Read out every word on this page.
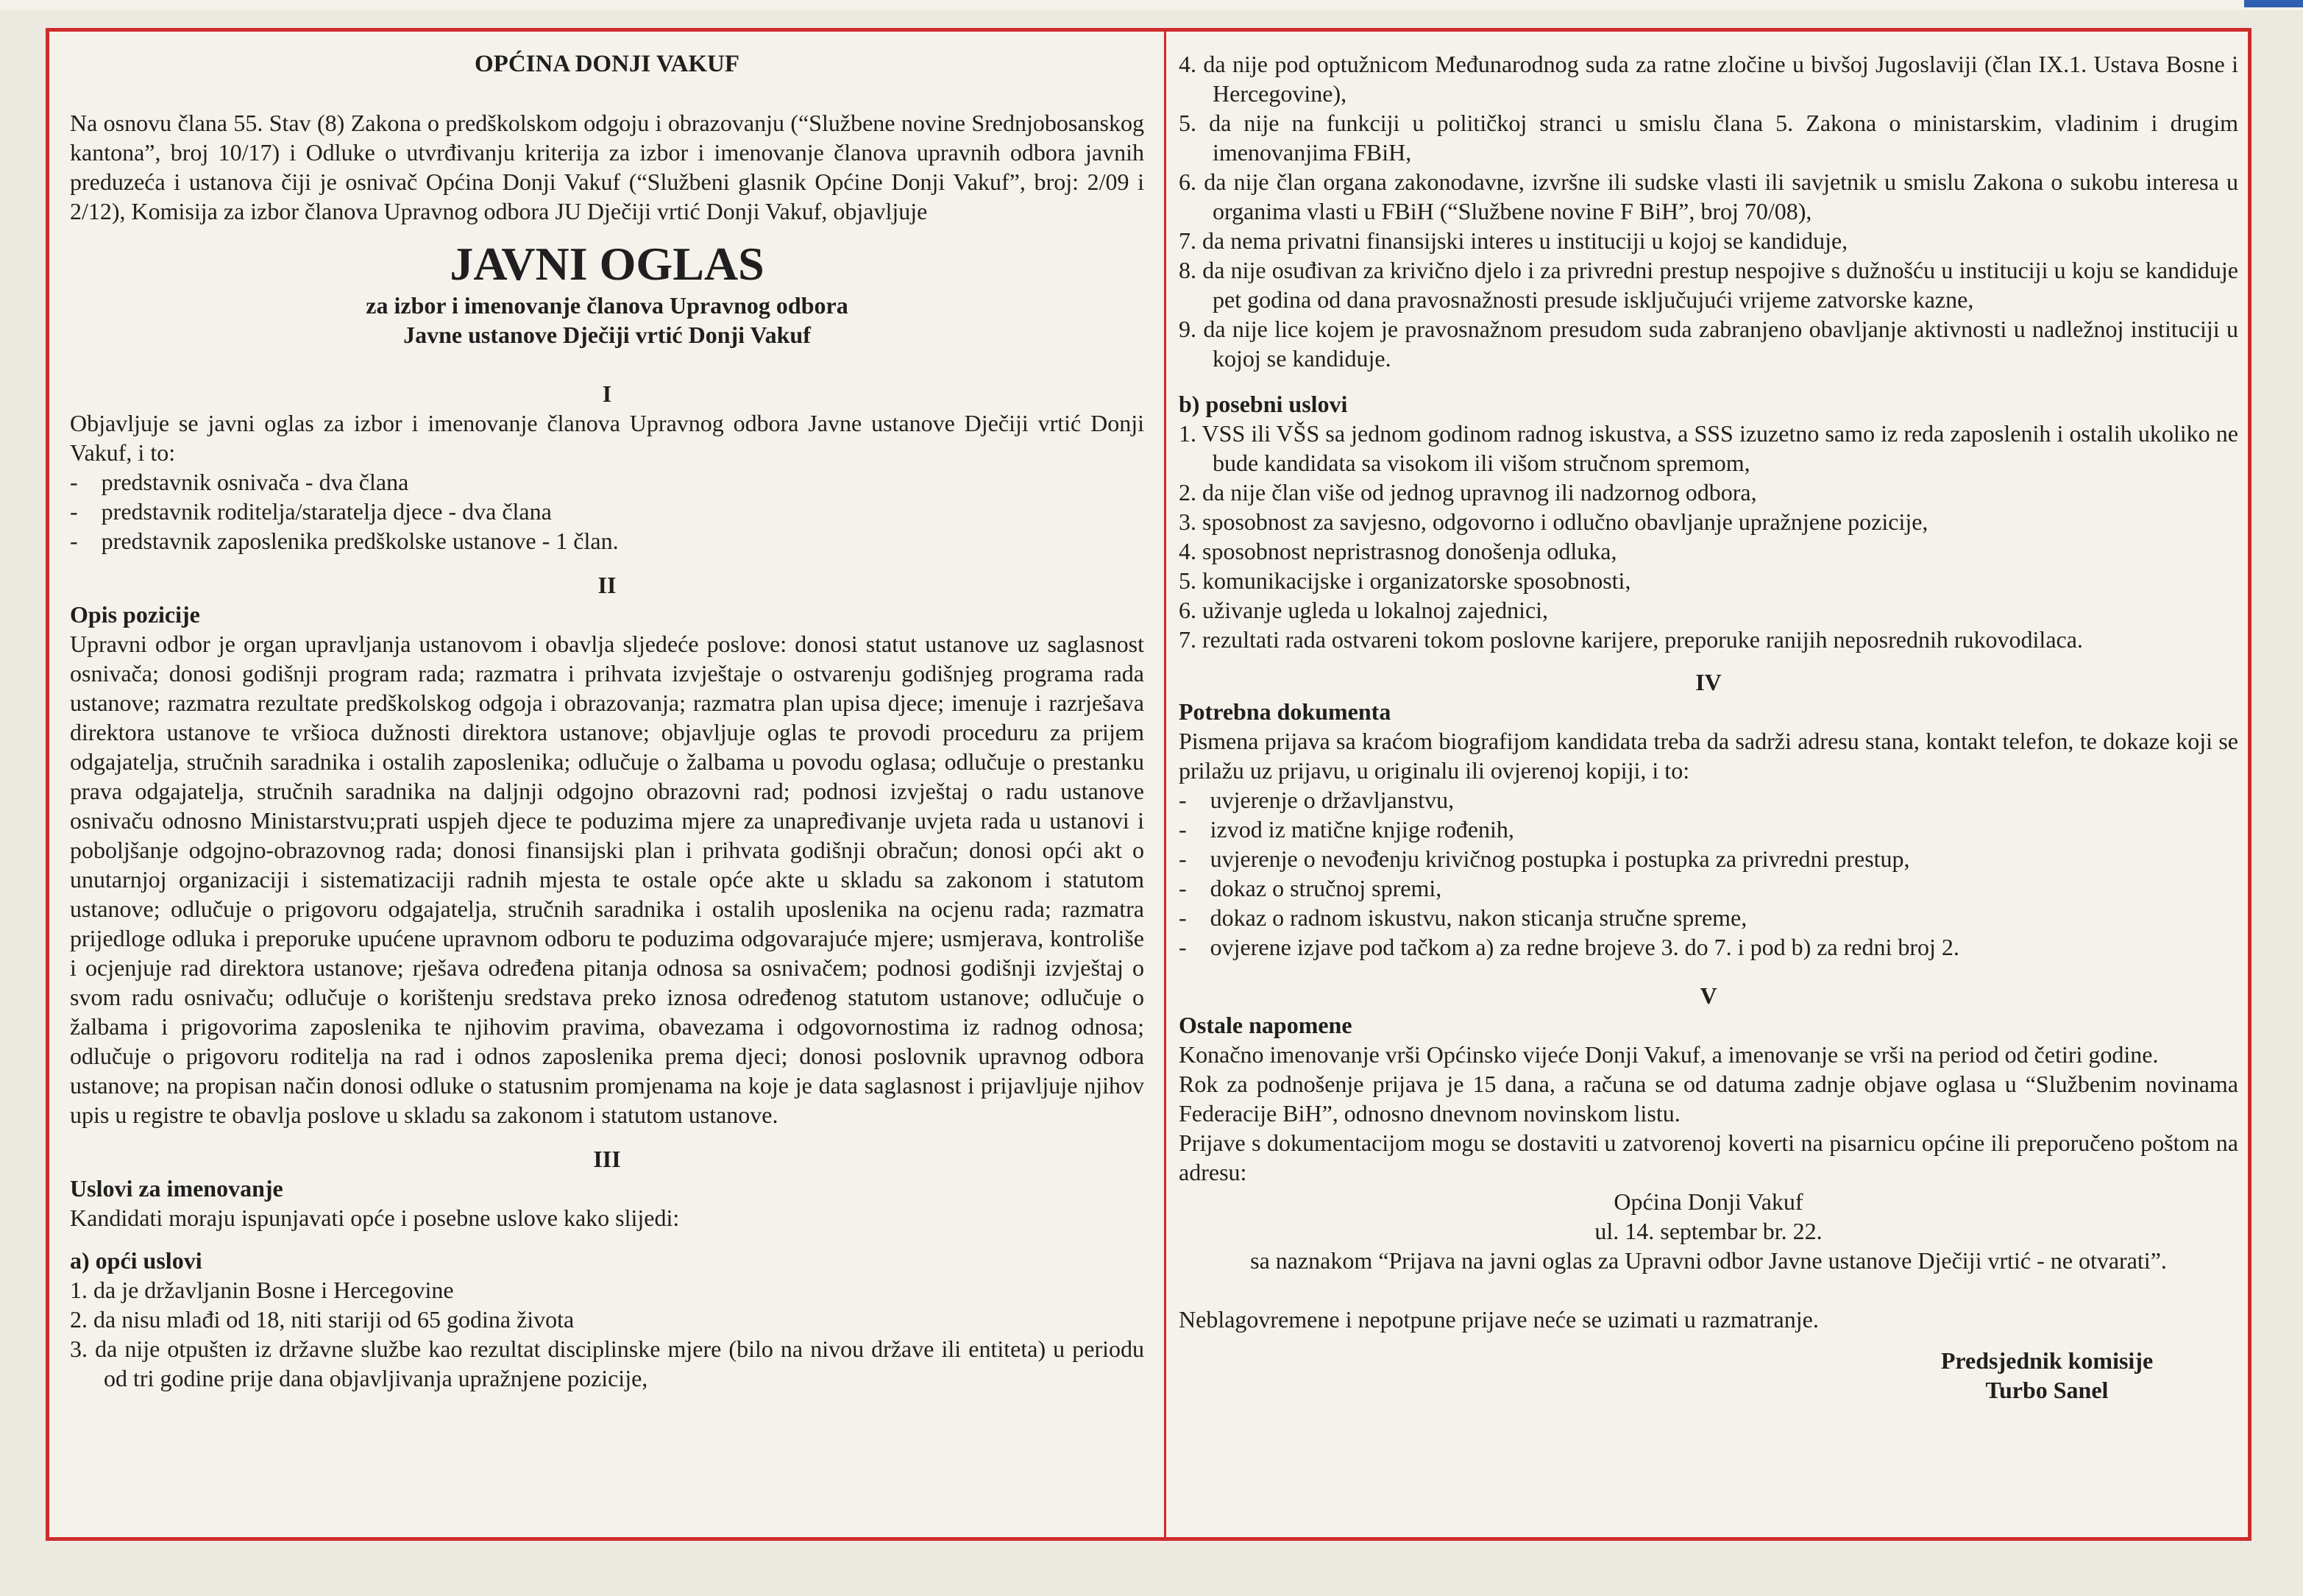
OPĆINA DONJI VAKUF

Na osnovu člana 55. Stav (8) Zakona o predškolskom odgoju i obrazovanju (“Službene novine Srednjobosanskog kantona”, broj 10/17) i Odluke o utvrđivanju kriterija za izbor i imenovanje članova upravnih odbora javnih preduzeća i ustanova čiji je osnivač Općina Donji Vakuf (“Službeni glasnik Općine Donji Vakuf”, broj: 2/09 i 2/12), Komisija za izbor članova Upravnog odbora JU Dječiji vrtić Donji Vakuf, objavljuje

JAVNI OGLAS

za izbor i imenovanje članova Upravnog odbora

Javne ustanove Dječiji vrtić Donji Vakuf

I

Objavljuje se javni oglas za izbor i imenovanje članova Upravnog odbora Javne ustanove Dječiji vrtić Donji Vakuf, i to:

-    predstavnik osnivača - dva člana

-    predstavnik roditelja/staratelja djece - dva člana

-    predstavnik zaposlenika predškolske ustanove - 1 član.

II

Opis pozicije

Upravni odbor je organ upravljanja ustanovom i obavlja sljedeće poslove: donosi statut ustanove uz saglasnost osnivača; donosi godišnji program rada; razmatra i prihvata izvještaje o ostvarenju godišnjeg programa rada ustanove; razmatra rezultate predškolskog odgoja i obrazovanja; razmatra plan upisa djece; imenuje i razrješava direktora ustanove te vršioca dužnosti direktora ustanove; objavljuje oglas te provodi proceduru za prijem odgajatelja, stručnih saradnika i ostalih zaposlenika; odlučuje o žalbama u povodu oglasa; odlučuje o prestanku prava odgajatelja, stručnih saradnika na daljnji odgojno obrazovni rad; podnosi izvještaj o radu ustanove osnivaču odnosno Ministarstvu;prati uspjeh djece te poduzima mjere za unapređivanje uvjeta rada u ustanovi i poboljšanje odgojno-obrazovnog rada; donosi finansijski plan i prihvata godišnji obračun; donosi opći akt o unutarnjoj organizaciji i sistematizaciji radnih mjesta te ostale opće akte u skladu sa zakonom i statutom ustanove; odlučuje o prigovoru odgajatelja, stručnih saradnika i ostalih uposlenika na ocjenu rada; razmatra prijedloge odluka i preporuke upućene upravnom odboru te poduzima odgovarajuće mjere; usmjerava, kontroliše i ocjenjuje rad direktora ustanove; rješava određena pitanja odnosa sa osnivačem; podnosi godišnji izvještaj o svom radu osnivaču; odlučuje o korištenju sredstava preko iznosa određenog statutom ustanove; odlučuje o žalbama i prigovorima zaposlenika te njihovim pravima, obavezama i odgovornostima iz radnog odnosa; odlučuje o prigovoru roditelja na rad i odnos zaposlenika prema djeci; donosi poslovnik upravnog odbora ustanove; na propisan način donosi odluke o statusnim promjenama na koje je data saglasnost i prijavljuje njihov upis u registre te obavlja poslove u skladu sa zakonom i statutom ustanove.

III

Uslovi za imenovanje

Kandidati moraju ispunjavati opće i posebne uslove kako slijedi:

a) opći uslovi

1. da je državljanin Bosne i Hercegovine

2. da nisu mlađi od 18, niti stariji od 65 godina života

3. da nije otpušten iz državne službe kao rezultat disciplinske mjere (bilo na nivou države ili entiteta) u periodu od tri godine prije dana objavljivanja upražnjene pozicije,

4. da nije pod optužnicom Međunarodnog suda za ratne zločine u bivšoj Jugoslaviji (član IX.1. Ustava Bosne i Hercegovine),

5. da nije na funkciji u političkoj stranci u smislu člana 5. Zakona o ministarskim, vladinim i drugim imenovanjima FBiH,

6. da nije član organa zakonodavne, izvršne ili sudske vlasti ili savjetnik u smislu Zakona o sukobu interesa u organima vlasti u FBiH (“Službene novine F BiH”, broj 70/08),

7. da nema privatni finansijski interes u instituciji u kojoj se kandiduje,

8. da nije osuđivan za krivično djelo i za privredni prestup nespojive s dužnošću u instituciji u koju se kandiduje pet godina od dana pravosnažnosti presude isključujući vrijeme zatvorske kazne,

9. da nije lice kojem je pravosnažnom presudom suda zabranjeno obavljanje aktivnosti u nadležnoj instituciji u kojoj se kandiduje.

b) posebni uslovi

1. VSS ili VŠS sa jednom godinom radnog iskustva, a SSS izuzetno samo iz reda zaposlenih i ostalih ukoliko ne bude kandidata sa visokom ili višom stručnom spremom,

2. da nije član više od jednog upravnog ili nadzornog odbora,

3. sposobnost za savjesno, odgovorno i odlučno obavljanje upražnjene pozicije,

4. sposobnost nepristrasnog donošenja odluka,

5. komunikacijske i organizatorske sposobnosti,

6. uživanje ugleda u lokalnoj zajednici,

7. rezultati rada ostvareni tokom poslovne karijere, preporuke ranijih neposrednih rukovodilaca.

IV

Potrebna dokumenta

Pismena prijava sa kraćom biografijom kandidata treba da sadrži adresu stana, kontakt telefon, te dokaze koji se prilažu uz prijavu, u originalu ili ovjerenoj kopiji, i to:

-    uvjerenje o državljanstvu,

-    izvod iz matične knjige rođenih,

-    uvjerenje o nevođenju krivičnog postupka i postupka za privredni prestup,

-    dokaz o stručnoj spremi,

-    dokaz o radnom iskustvu, nakon sticanja stručne spreme,

-    ovjerene izjave pod tačkom a) za redne brojeve 3. do 7. i pod b) za redni broj 2.

V

Ostale napomene

Konačno imenovanje vrši Općinsko vijeće Donji Vakuf, a imenovanje se vrši na period od četiri godine.

Rok za podnošenje prijava je 15 dana, a računa se od datuma zadnje objave oglasa u “Službenim novinama Federacije BiH”, odnosno dnevnom novinskom listu.

Prijave s dokumentacijom mogu se dostaviti u zatvorenoj koverti na pisarnicu općine ili preporučeno poštom na adresu:

Općina Donji Vakuf

ul. 14. septembar br. 22.

sa naznakom “Prijava na javni oglas za Upravni odbor Javne ustanove Dječiji vrtić - ne otvarati”.

Neblagovremene i nepotpune prijave neće se uzimati u razmatranje.

Predsjednik komisije
Turbo Sanel
